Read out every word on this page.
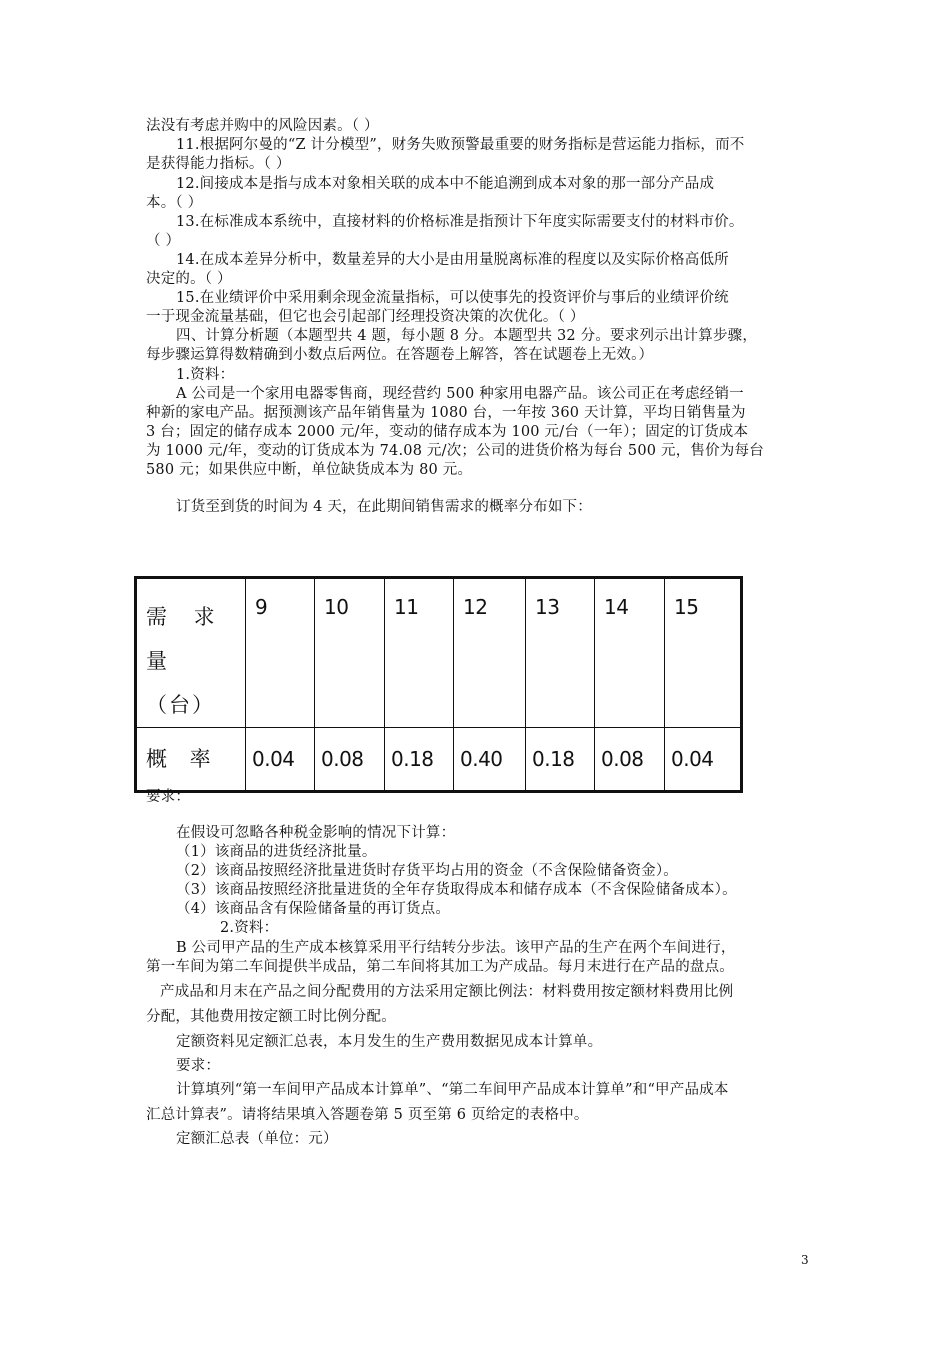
法没有考虑并购中的风险因素。（ ）
11.根据阿尔曼的“Z 计分模型”，财务失败预警最重要的财务指标是营运能力指标，而不
是获得能力指标。（ ）
12.间接成本是指与成本对象相关联的成本中不能追溯到成本对象的那一部分产品成
本。（ ）
13.在标准成本系统中，直接材料的价格标准是指预计下年度实际需要支付的材料市价。
（ ）
14.在成本差异分析中，数量差异的大小是由用量脱离标准的程度以及实际价格高低所
决定的。（ ）
15.在业绩评价中采用剩余现金流量指标，可以使事先的投资评价与事后的业绩评价统
一于现金流量基础，但它也会引起部门经理投资决策的次优化。（ ）
四、计算分析题（本题型共 4 题，每小题 8 分。本题型共 32 分。要求列示出计算步骤，
每步骤运算得数精确到小数点后两位。在答题卷上解答，答在试题卷上无效。）
1.资料：
A 公司是一个家用电器零售商，现经营约 500 种家用电器产品。该公司正在考虑经销一
种新的家电产品。据预测该产品年销售量为 1080 台，一年按 360 天计算，平均日销售量为
3 台；固定的储存成本 2000 元/年，变动的储存成本为 100 元/台（一年）；固定的订货成本
为 1000 元/年，变动的订货成本为 74.08 元/次；公司的进货价格为每台 500 元，售价为每台
580 元；如果供应中断，单位缺货成本为 80 元。
订货至到货的时间为 4 天，在此期间销售需求的概率分布如下：
需 求 量
（台）	9	10	11	12	13	14	15
概 率	0.04	0.08	0.18	0.40	0.18	0.08	0.04
要求：
在假设可忽略各种税金影响的情况下计算：
（1）该商品的进货经济批量。
（2）该商品按照经济批量进货时存货平均占用的资金（不含保险储备资金）。
（3）该商品按照经济批量进货的全年存货取得成本和储存成本（不含保险储备成本）。
（4）该商品含有保险储备量的再订货点。
2.资料：
B 公司甲产品的生产成本核算采用平行结转分步法。该甲产品的生产在两个车间进行，
第一车间为第二车间提供半成品，第二车间将其加工为产成品。每月末进行在产品的盘点。
产成品和月末在产品之间分配费用的方法采用定额比例法：材料费用按定额材料费用比例
分配，其他费用按定额工时比例分配。
定额资料见定额汇总表，本月发生的生产费用数据见成本计算单。
要求：
计算填列“第一车间甲产品成本计算单”、“第二车间甲产品成本计算单”和“甲产品成本
汇总计算表”。请将结果填入答题卷第 5 页至第 6 页给定的表格中。
定额汇总表（单位：元）
3
